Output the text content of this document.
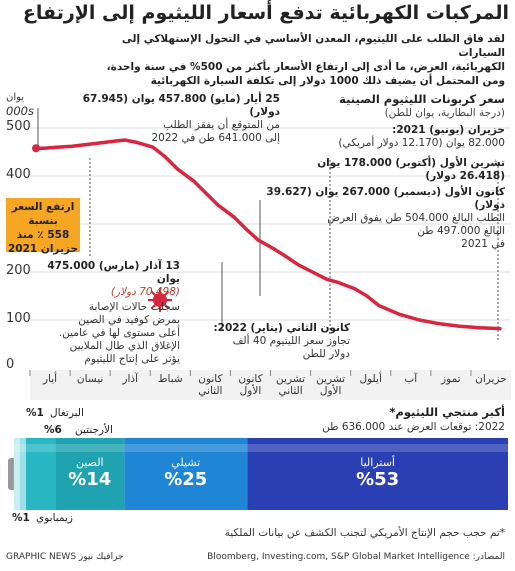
المركبات الكهربائية تدفع أسعار الليثيوم إلى الإرتفاع
لقد فاق الطلب على الليثيوم، المعدن الأساسي في التحول الإستهلاكي إلى السيارات
الكهربائية، العرض، ما أدى إلى ارتفاع الأسعار بأكثر من 500% في سنة واحدة،
ومن المحتمل أن يضيف ذلك 1000 دولار إلى تكلفة السيارة الكهربائية
يوان
000s
500
400
200
100
0
سعر كربونات الليثيوم الصينية
(درجة البطارية، يوان للطن)
25 أيار (مايو) 457.800 يوان (67.945 دولار)
من المتوقع أن يفقز الطلب
إلى 641.000 طن في 2022
حزيران (يونيو) 2021:
82.000 يوان (12.170 دولار أمريكي)
تشرين الأول (أكتوبر) 178.000 يوان (26.418 دولار)
كانون الأول (ديسمبر) 267.000 يوان (39.627 دولار)
الطلب البالغ 504.000 طن يفوق العرض
البالغ 497.000 طن
في 2021
13 آذار (مارس) 475.000 يوان
(70.498 دولار)
سجلت حالات الإصابة
بمرض كوفيد في الصين
أعلى مستوى لها في عامين.
الإغلاق الذي طال الملايين
يؤثر على إنتاج الليثيوم
كانون الثاني (يناير) 2022:
تجاوز سعر الليثيوم 40 ألف
دولار للطن
ارتفع السعر بنسبة
558 ٪ منذ
حزيران 2021
حزيران
تموز
آب
أيلول
تشرين الأول
تشرين الثاني
كانون الأول
كانون الثاني
شباط
آذار
نيسان
أيار
أكبر منتجي الليثيوم*
2022: توقعات العرض عند 636.000 طن
أستراليا
%53
تشيلي
%25
الصين
%14
%1 البرتغال
الأرجنتين
%6
زيمبابوي
%1
*تم حجب حجم الإنتاج الأمريكي لتجنب الكشف عن بيانات الملكية
المصادر: Bloomberg, Investing.com, S&P Global Market Intelligence
GRAPHIC NEWS جرافيك نيوز
